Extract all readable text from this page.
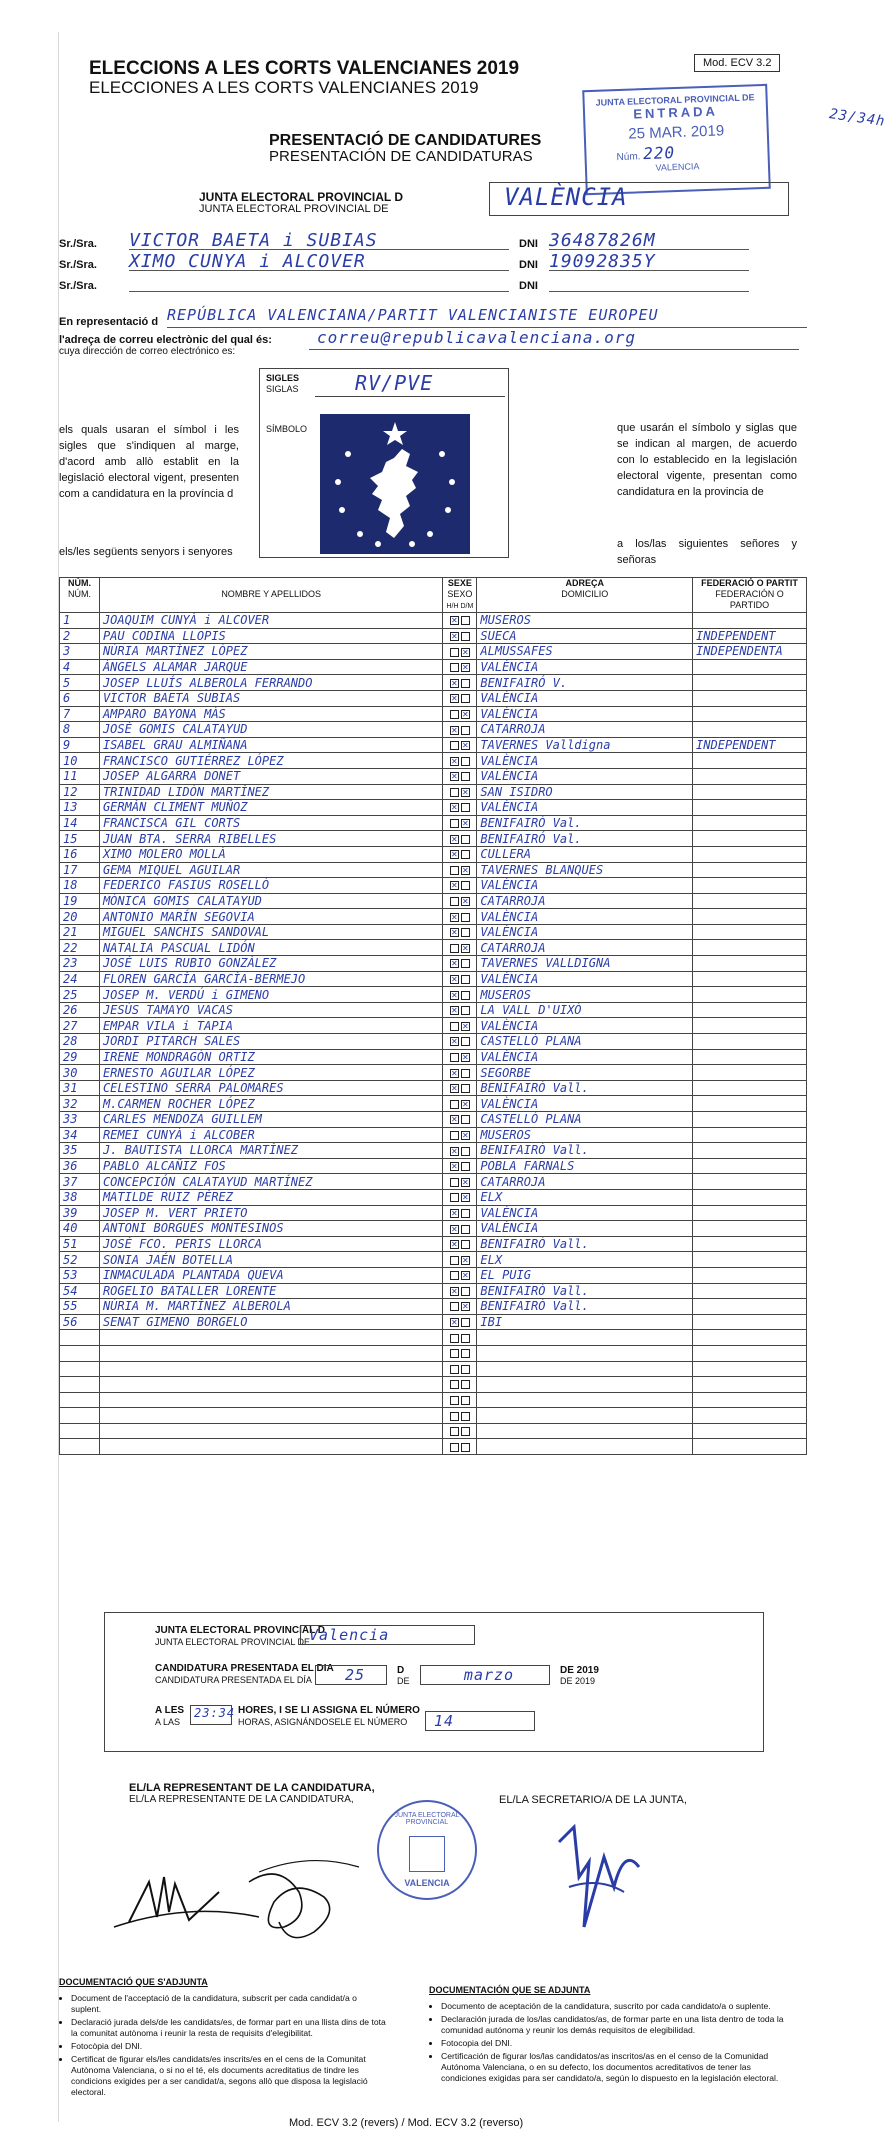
ELECCIONS A LES CORTS VALENCIANES 2019
ELECCIONES A LES CORTS VALENCIANES 2019
Mod. ECV 3.2
JUNTA ELECTORAL PROVINCIAL DE
ENTRADA
25 MAR. 2019
Núm. 220
VALENCIA
23/34h
PRESENTACIÓ DE CANDIDATURES
PRESENTACIÓN DE CANDIDATURAS
JUNTA ELECTORAL PROVINCIAL D
JUNTA ELECTORAL PROVINCIAL DE	VALÈNCIA
Sr./Sra.	VICTOR BAETA i SUBIAS	DNI 36487826M
Sr./Sra.	XIMO CUNYA i ALCOVER	DNI 19092835Y
Sr./Sra.	DNI
En representació d REPÚBLICA VALENCIANA/PARTIT VALENCIANISTE EUROPEU
l'adreça de correu electrònic del qual és:
cuya dirección de correo electrónico es:
correu@republicavalenciana.org
els quals usaran el símbol i les sigles que s'indiquen al marge, d'acord amb allò establit en la legislació electoral vigent, presenten com a candidatura en la província d
els/les següents senyors i senyores
que usarán el símbolo y siglas que se indican al margen, de acuerdo con lo establecido en la legislación electoral vigente, presentan como candidatura en la provincia de
a los/las siguientes señores y señoras
SIGLES
SIGLAS	RV/PVE
SÍMBOLO
NÚM.
NÚM.	NOMBRE Y APELLIDOS	SEXE
SEXO
H/H D/M	ADREÇA
DOMICILIO	FEDERACIÓ O PARTIT
FEDERACIÓN O PARTIDO
1	JOAQUIM CUNYÀ i ALCOVER	✕	MUSEROS	
2	PAU CODINA LLOPIS	✕	SUECA	INDEPENDENT
3	NÚRIA MARTÍNEZ LÓPEZ	✕	ALMUSSAFES	INDEPENDENTA
4	ÀNGELS ALAMAR JARQUE	✕	VALÈNCIA	
5	JOSEP LLUÍS ALBEROLA FERRANDO	✕	BENIFAIRÓ V.	
6	VICTOR BAETA SUBIAS	✕	VALÈNCIA	
7	AMPARO BAYONA MÀS	✕	VALÈNCIA	
8	JOSÉ GOMIS CALATAYUD	✕	CATARROJA	
9	ISABEL GRAU ALMIÑANA	✕	TAVERNES Valldigna	INDEPENDENT
10	FRANCISCO GUTIÉRREZ LÓPEZ	✕	VALÈNCIA	
11	JOSEP ALGARRA DONET	✕	VALÈNCIA	
12	TRINIDAD LIDÓN MARTÍNEZ	✕	SAN ISIDRO	
13	GERMÁN CLIMENT MUÑOZ	✕	VALÈNCIA	
14	FRANCISCA GIL CORTS	✕	BENIFAIRÓ Val.	
15	JUAN BTA. SERRA RIBELLES	✕	BENIFAIRÓ Val.	
16	XIMO MOLERO MOLLÀ	✕	CULLERA	
17	GEMA MIQUEL AGUILAR	✕	TAVERNES BLANQUES	
18	FEDERICO FASIUS ROSELLÓ	✕	VALÈNCIA	
19	MÒNICA GOMIS CALATAYUD	✕	CATARROJA	
20	ANTONIO MARÍN SEGOVIA	✕	VALÈNCIA	
21	MIGUEL SANCHIS SANDOVAL	✕	VALÈNCIA	
22	NATALIA PASCUAL LIDÓN	✕	CATARROJA	
23	JOSÉ LUIS RUBIO GONZÁLEZ	✕	TAVERNES VALLDIGNA	
24	FLOREN GARCÍA GARCÍA-BERMEJO	✕	VALÈNCIA	
25	JOSEP M. VERDÚ i GIMENO	✕	MUSEROS	
26	JESÚS TAMAYO VACAS	✕	LA VALL D'UIXÓ	
27	EMPAR VILA i TAPIA	✕	VALÈNCIA	
28	JORDI PITARCH SALES	✕	CASTELLÓ PLANA	
29	IRENE MONDRAGÓN ORTIZ	✕	VALÈNCIA	
30	ERNESTO AGUILAR LÓPEZ	✕	SEGORBE	
31	CELESTINO SERRA PALOMARES	✕	BENIFAIRÓ Vall.	
32	M.CARMEN ROCHER LÓPEZ	✕	VALÈNCIA	
33	CARLES MENDOZA GUILLEM	✕	CASTELLÓ PLANA	
34	REMEI CUNYÀ i ALCOBER	✕	MUSEROS	
35	J. BAUTISTA LLORCA MARTÍNEZ	✕	BENIFAIRÓ Vall.	
36	PABLO ALCAÑIZ FOS	✕	POBLA FARNALS	
37	CONCEPCIÓN CALATAYUD MARTÍNEZ	✕	CATARROJA	
38	MATILDE RUIZ PÉREZ	✕	ELX	
39	JOSEP M. VERT PRIETO	✕	VALÈNCIA	
40	ANTONI BORGUES MONTESINOS	✕	VALÈNCIA	
51	JOSÉ FCO. PERIS LLORCA	✕	BENIFAIRÓ Vall.	
52	SONIA JAÉN BOTELLA	✕	ELX	
53	INMACULADA PLANTADA QUEVA	✕	EL PUIG	
54	ROGELIO BATALLER LORENTE	✕	BENIFAIRÓ Vall.	
55	NÚRIA M. MARTÍNEZ ALBEROLA	✕	BENIFAIRÓ Vall.	
56	SENAT GIMENO BORGELO	✕	IBI	

JUNTA ELECTORAL PROVINCIAL D
JUNTA ELECTORAL PROVINCIAL DE
Valencia
CANDIDATURA PRESENTADA EL DIA
CANDIDATURA PRESENTADA EL DÍA	25	D
DE	marzo	DE 2019
DE 2019
A LES
A LAS
23:34 HORES, I SE LI ASSIGNA EL NÚMERO
HORAS, ASIGNÁNDOSELE EL NÚMERO	14
EL/LA REPRESENTANT DE LA CANDIDATURA,
EL/LA REPRESENTANTE DE LA CANDIDATURA,	EL/LA SECRETARIO/A DE LA JUNTA,
JUNTA ELECTORAL PROVINCIAL
VALENCIA
DOCUMENTACIÓ QUE S'ADJUNTA
• Document de l'acceptació de la candidatura, subscrit per cada candidat/a o suplent.
• Declaració jurada dels/de les candidats/es, de formar part en una llista dins de tota la comunitat autònoma i reunir la resta de requisits d'elegibilitat.
• Fotocòpia del DNI.
• Certificat de figurar els/les candidats/es inscrits/es en el cens de la Comunitat Autònoma Valenciana, o si no el té, els documents acreditatius de tindre les condicions exigides per a ser candidat/a, segons allò que disposa la legislació electoral.
DOCUMENTACIÓN QUE SE ADJUNTA
• Documento de aceptación de la candidatura, suscrito por cada candidato/a o suplente.
• Declaración jurada de los/las candidatos/as, de formar parte en una lista dentro de toda la comunidad autónoma y reunir los demás requisitos de elegibilidad.
• Fotocopia del DNI.
• Certificación de figurar los/las candidatos/as inscritos/as en el censo de la Comunidad Autónoma Valenciana, o en su defecto, los documentos acreditativos de tener las condiciones exigidas para ser candidato/a, según lo dispuesto en la legislación electoral.
Mod. ECV 3.2 (revers) / Mod. ECV 3.2 (reverso)
